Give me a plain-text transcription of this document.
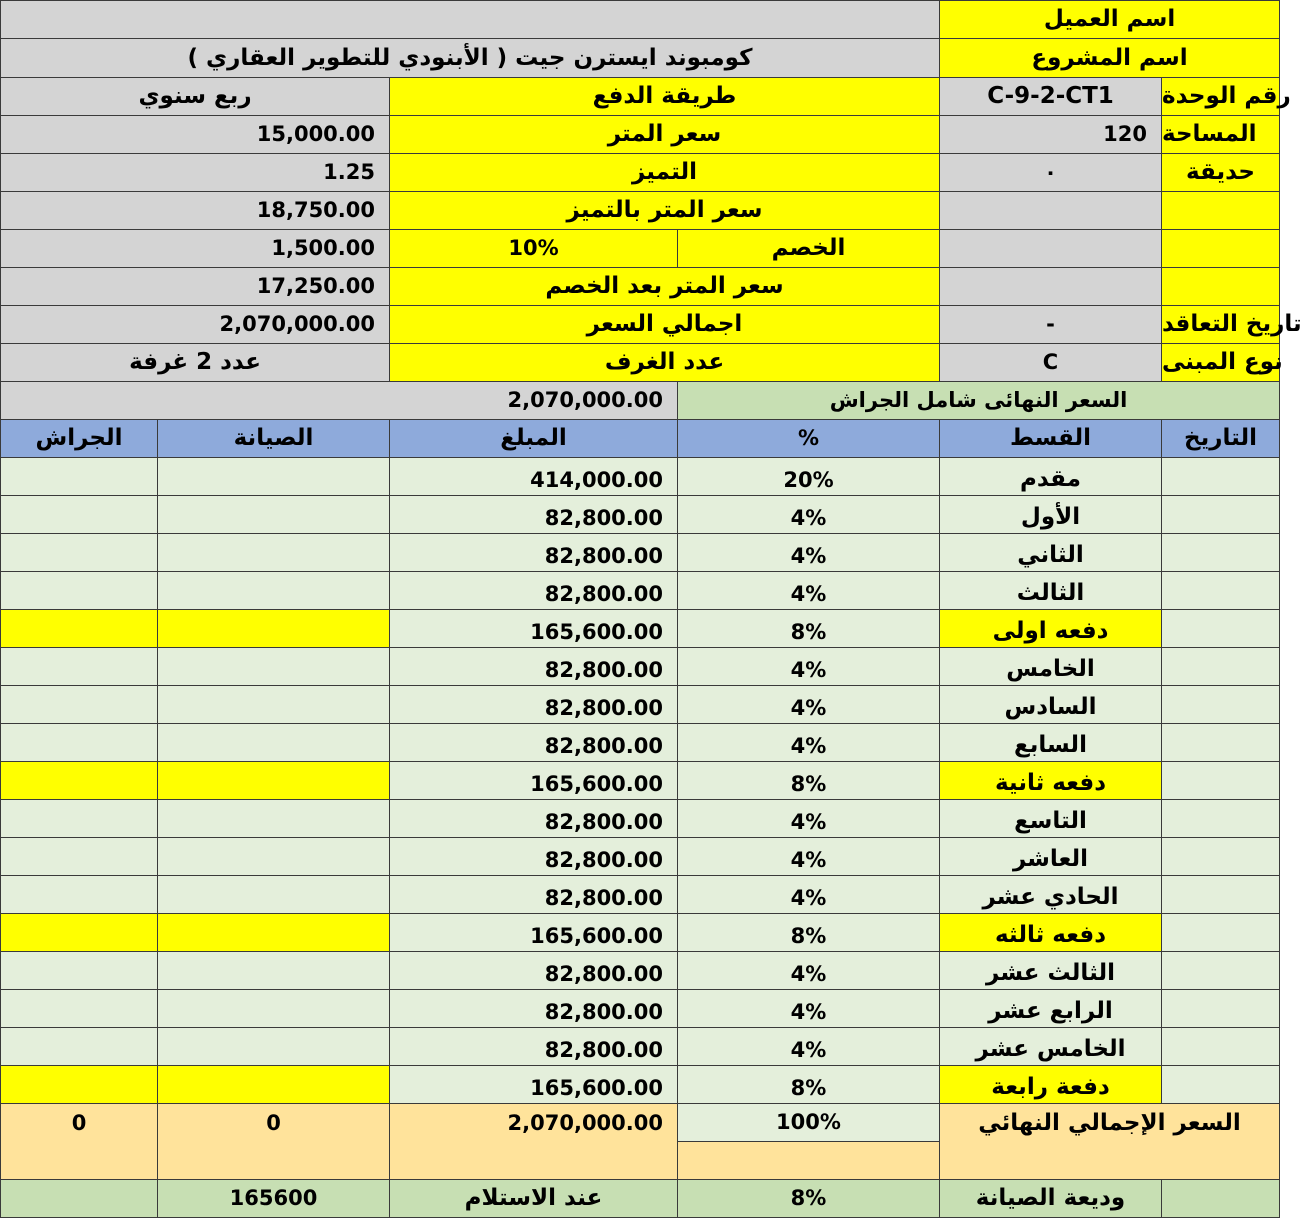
اسم العميل
كومبوند ايسترن جيت ( الأبنودي للتطوير العقاري )	اسم المشروع
ربع سنوي	طريقة الدفع	C-9-2-CT1	رقم الوحدة
15,000.00	سعر المتر	120 المساحة
1.25	التميز	٠	حديقة
18,750.00	سعر المتر بالتميز
1,500.00	10%	الخصم
17,250.00	سعر المتر بعد الخصم
2,070,000.00	اجمالي السعر	-	تاريخ التعاقد
عدد 2 غرفة	عدد الغرف	C	نوع المبنى
2,070,000.00	السعر النهائى شامل الجراش
الجراش	الصيانة	المبلغ	%	القسط	التاريخ
414,000.00	20%	مقدم
82,800.00	4%	الأول
82,800.00	4%	الثاني
82,800.00	4%	الثالث
165,600.00	8%	دفعه اولى
82,800.00	4%	الخامس
82,800.00	4%	السادس
82,800.00	4%	السابع
165,600.00	8%	دفعه ثانية
82,800.00	4%	التاسع
82,800.00	4%	العاشر
82,800.00	4%	الحادي عشر
165,600.00	8%	دفعه ثالثه
82,800.00	4%	الثالث عشر
82,800.00	4%	الرابع عشر
82,800.00	4%	الخامس عشر
165,600.00	8%	دفعة رابعة
0	0	2,070,000.00	100%	السعر الإجمالي النهائي
165600	عند الاستلام	8%	وديعة الصيانة
